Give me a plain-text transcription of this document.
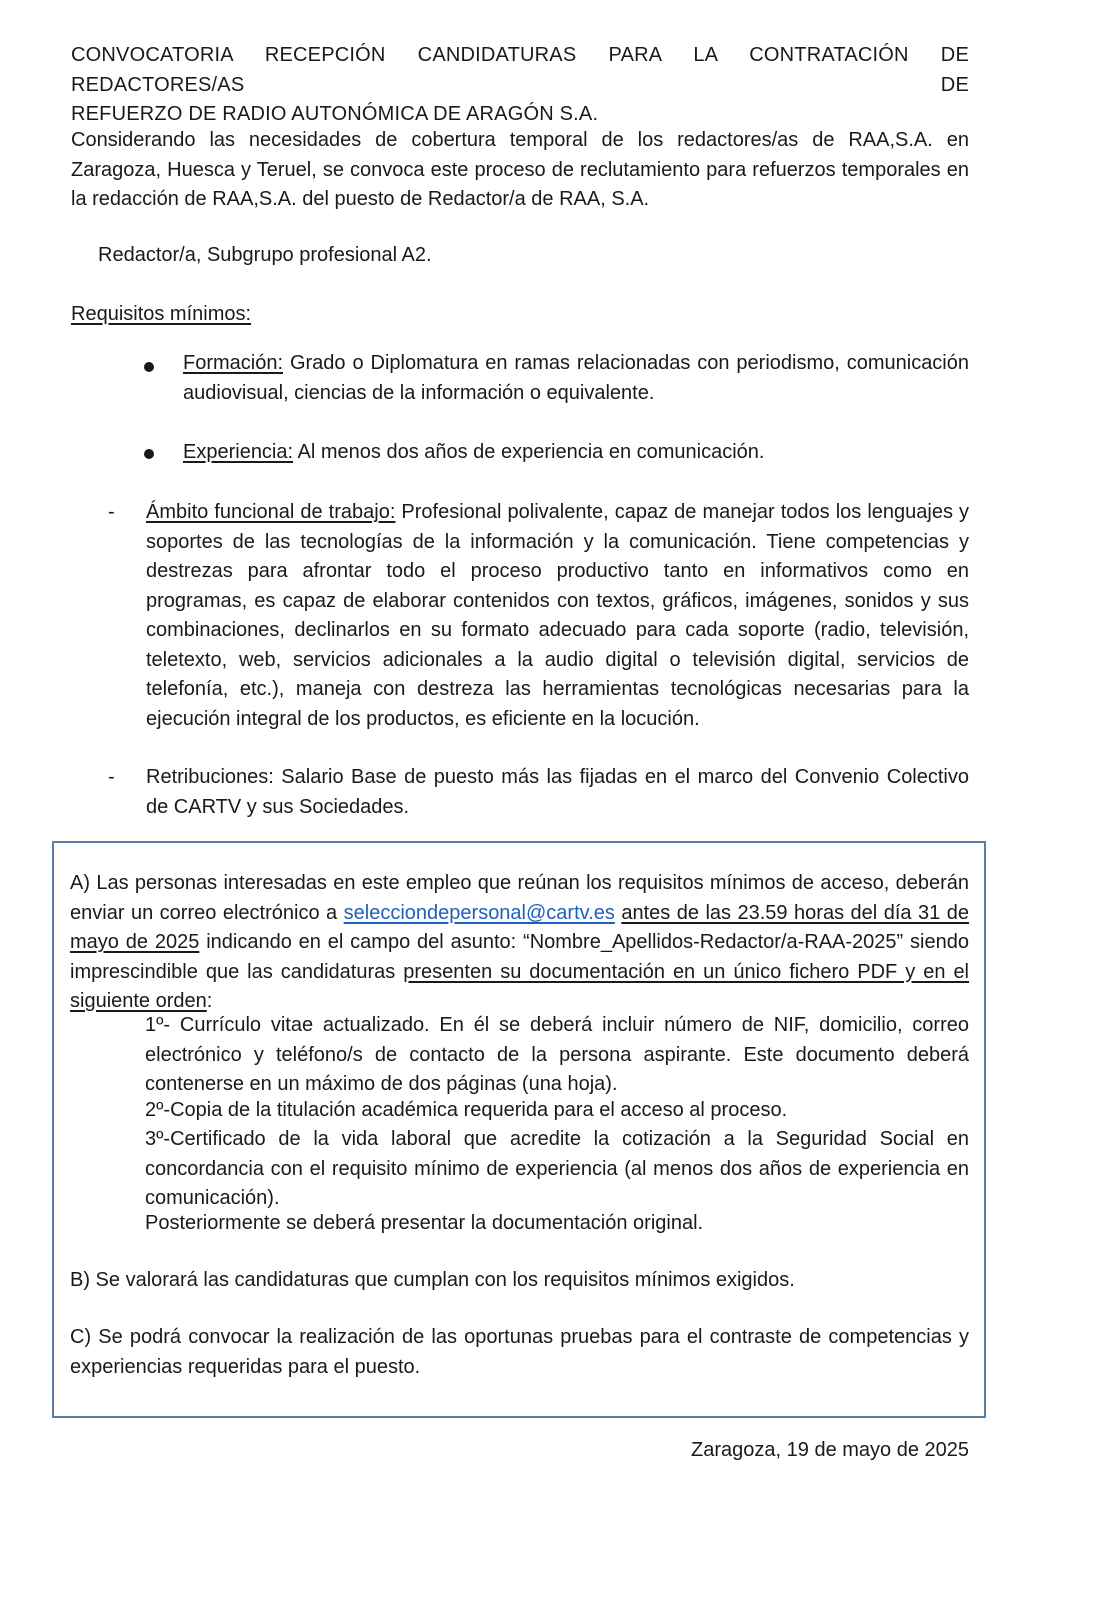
CONVOCATORIA RECEPCIÓN CANDIDATURAS PARA LA CONTRATACIÓN DE REDACTORES/AS DE
REFUERZO DE RADIO AUTONÓMICA DE ARAGÓN S.A.

Considerando las necesidades de cobertura temporal de los redactores/as de RAA,S.A. en Zaragoza, Huesca y Teruel, se convoca este proceso de reclutamiento para refuerzos temporales en la redacción de RAA,S.A. del puesto de Redactor/a de RAA, S.A.

Redactor/a, Subgrupo profesional A2.

Requisitos mínimos:

Formación: Grado o Diplomatura en ramas relacionadas con periodismo, comunicación audiovisual, ciencias de la información o equivalente.

Experiencia: Al menos dos años de experiencia en comunicación.

- Ámbito funcional de trabajo: Profesional polivalente, capaz de manejar todos los lenguajes y soportes de las tecnologías de la información y la comunicación. Tiene competencias y destrezas para afrontar todo el proceso productivo tanto en informativos como en programas, es capaz de elaborar contenidos con textos, gráficos, imágenes, sonidos y sus combinaciones, declinarlos en su formato adecuado para cada soporte (radio, televisión, teletexto, web, servicios adicionales a la audio digital o televisión digital, servicios de telefonía, etc.), maneja con destreza las herramientas tecnológicas necesarias para la ejecución integral de los productos, es eficiente en la locución.

- Retribuciones: Salario Base de puesto más las fijadas en el marco del Convenio Colectivo de CARTV y sus Sociedades.

A) Las personas interesadas en este empleo que reúnan los requisitos mínimos de acceso, deberán enviar un correo electrónico a selecciondepersonal@cartv.es antes de las 23.59 horas del día 31 de mayo de 2025 indicando en el campo del asunto: “Nombre_Apellidos-Redactor/a-RAA-2025” siendo imprescindible que las candidaturas presenten su documentación en un único fichero PDF y en el siguiente orden:

1º- Currículo vitae actualizado. En él se deberá incluir número de NIF, domicilio, correo electrónico y teléfono/s de contacto de la persona aspirante. Este documento deberá contenerse en un máximo de dos páginas (una hoja).

2º-Copia de la titulación académica requerida para el acceso al proceso.

3º-Certificado de la vida laboral que acredite la cotización a la Seguridad Social en concordancia con el requisito mínimo de experiencia (al menos dos años de experiencia en comunicación).

Posteriormente se deberá presentar la documentación original.

B) Se valorará las candidaturas que cumplan con los requisitos mínimos exigidos.

C) Se podrá convocar la realización de las oportunas pruebas para el contraste de competencias y experiencias requeridas para el puesto.

Zaragoza, 19 de mayo de 2025
